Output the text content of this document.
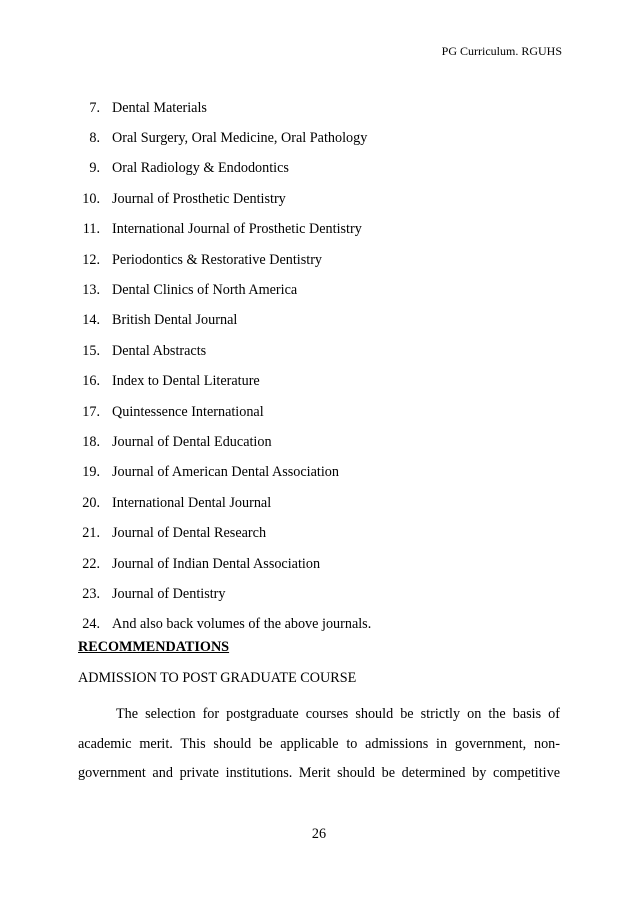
PG Curriculum. RGUHS
7. Dental Materials
8. Oral Surgery, Oral Medicine, Oral Pathology
9. Oral Radiology & Endodontics
10. Journal of Prosthetic Dentistry
11. International Journal of Prosthetic Dentistry
12. Periodontics & Restorative Dentistry
13. Dental Clinics of North America
14. British Dental Journal
15. Dental Abstracts
16. Index to Dental Literature
17. Quintessence International
18. Journal of Dental Education
19. Journal of American Dental Association
20. International Dental Journal
21. Journal of Dental Research
22. Journal of Indian Dental Association
23. Journal of Dentistry
24. And also back volumes of the above journals.
RECOMMENDATIONS
ADMISSION TO POST GRADUATE COURSE

The selection for postgraduate courses should be strictly on the basis of
academic merit. This should be applicable to admissions in government, non-
government and private institutions. Merit should be determined by competitive

26
